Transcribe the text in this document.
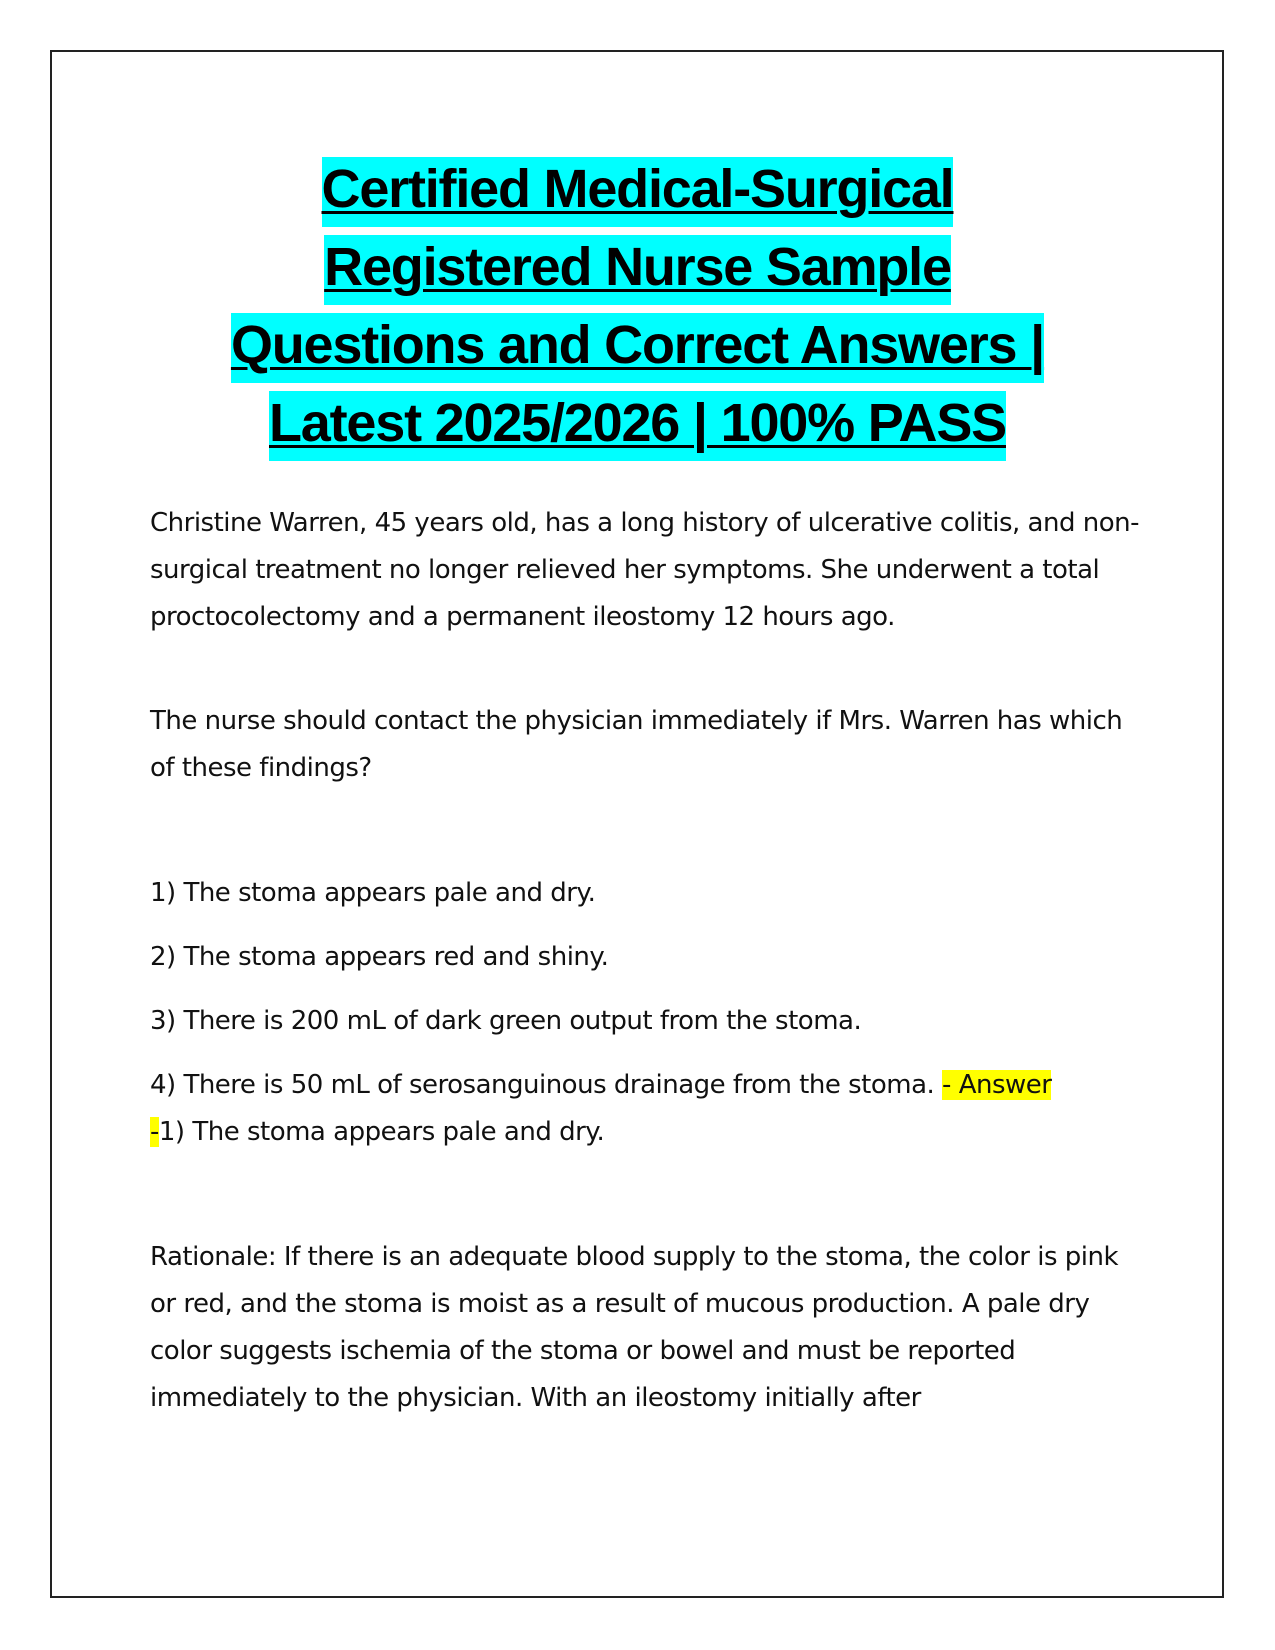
Certified Medical-Surgical
Registered Nurse Sample
Questions and Correct Answers |
Latest 2025/2026 | 100% PASS

Christine Warren, 45 years old, has a long history of ulcerative colitis, and non-surgical treatment no longer relieved her symptoms. She underwent a total proctocolectomy and a permanent ileostomy 12 hours ago.

The nurse should contact the physician immediately if Mrs. Warren has which of these findings?

1) The stoma appears pale and dry.

2) The stoma appears red and shiny.

3) There is 200 mL of dark green output from the stoma.

4) There is 50 mL of serosanguinous drainage from the stoma. - Answer
-1) The stoma appears pale and dry.

Rationale: If there is an adequate blood supply to the stoma, the color is pink or red, and the stoma is moist as a result of mucous production. A pale dry color suggests ischemia of the stoma or bowel and must be reported immediately to the physician. With an ileostomy initially after
